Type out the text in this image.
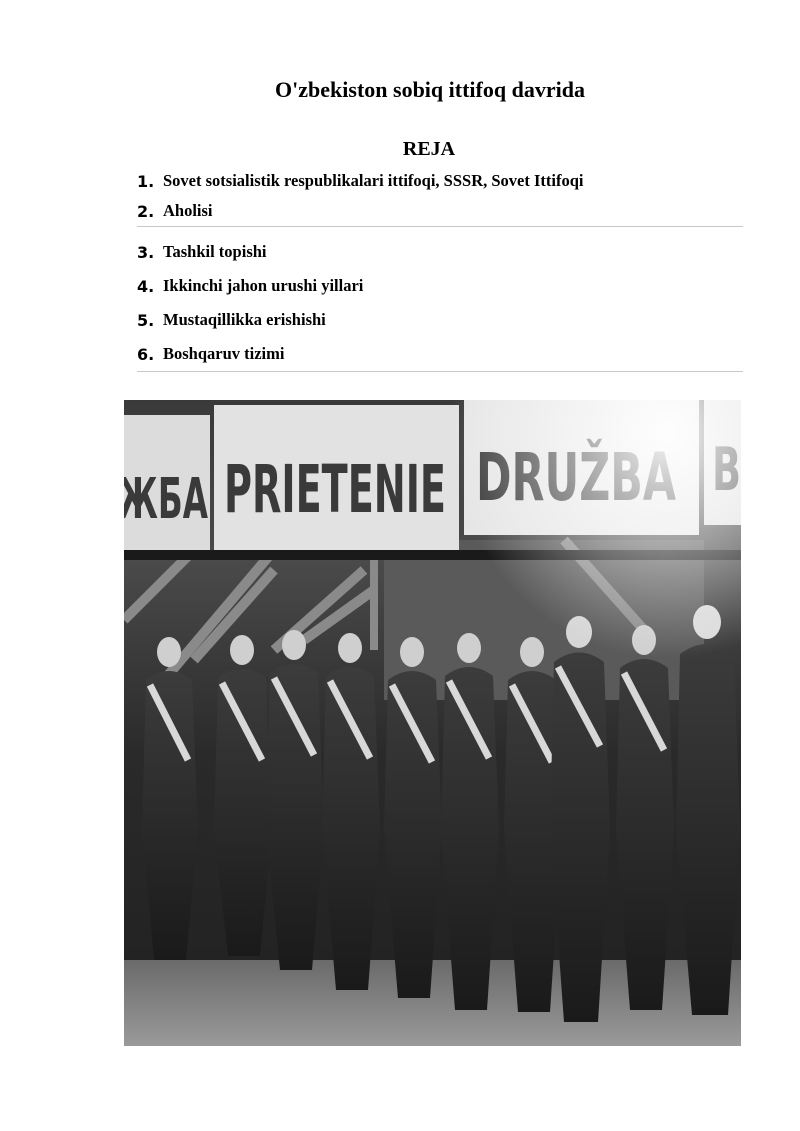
O'zbekiston sobiq ittifoq davrida
REJA
1. Sovet sotsialistik respublikalari ittifoqi, SSSR, Sovet Ittifoqi
2. Aholisi
3. Tashkil topishi
4. Ikkinchi jahon urushi yillari
5. Mustaqillikka erishishi
6. Boshqaruv tizimi
